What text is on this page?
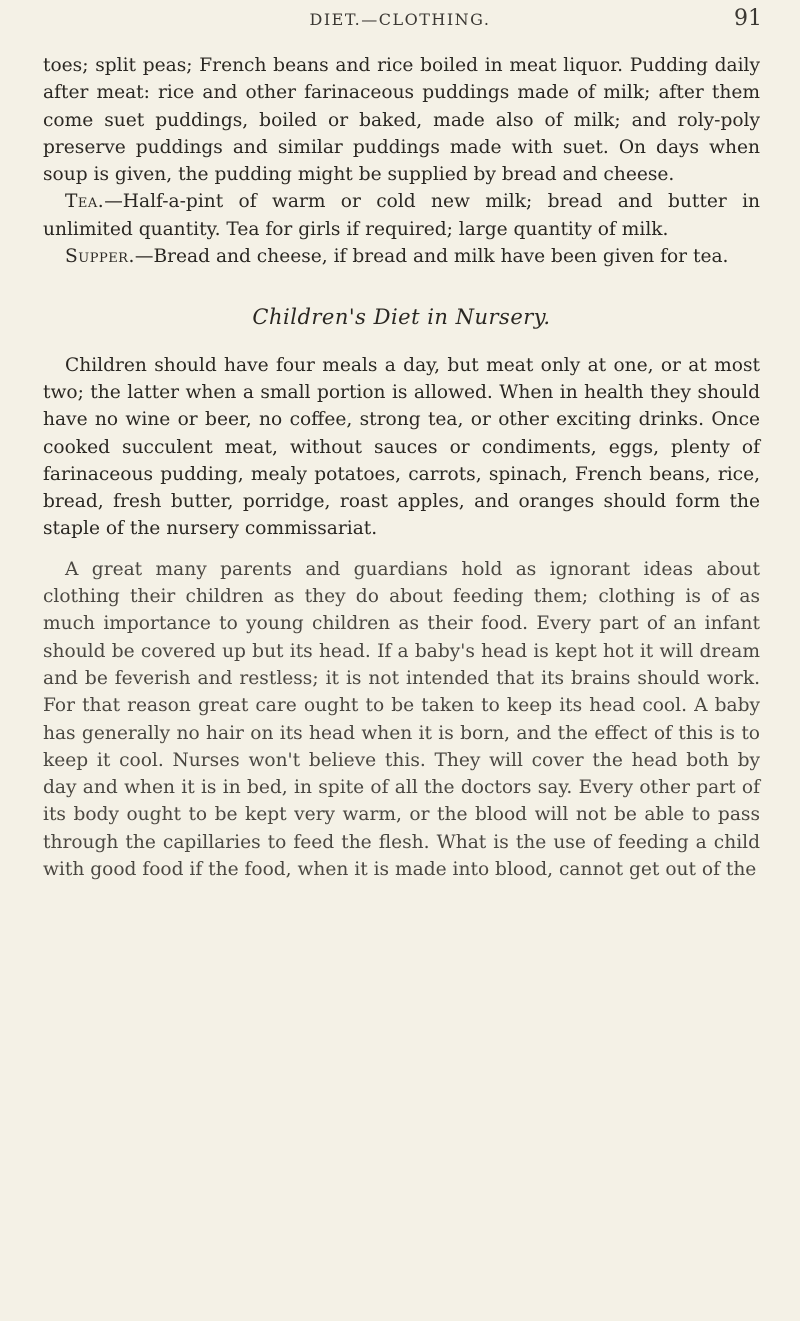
DIET.—CLOTHING.	91

toes; split peas; French beans and rice boiled in meat liquor. Pudding daily after meat: rice and other farinaceous puddings made of milk; after them come suet puddings, boiled or baked, made also of milk; and roly-poly preserve puddings and similar puddings made with suet. On days when soup is given, the pudding might be supplied by bread and cheese.

Tea.—Half-a-pint of warm or cold new milk; bread and butter in unlimited quantity. Tea for girls if required; large quantity of milk.

Supper.—Bread and cheese, if bread and milk have been given for tea.

Children's Diet in Nursery.

Children should have four meals a day, but meat only at one, or at most two; the latter when a small portion is allowed. When in health they should have no wine or beer, no coffee, strong tea, or other exciting drinks. Once cooked succulent meat, without sauces or condiments, eggs, plenty of farinaceous pudding, mealy potatoes, carrots, spinach, French beans, rice, bread, fresh butter, porridge, roast apples, and oranges should form the staple of the nursery commissariat.

A great many parents and guardians hold as ignorant ideas about clothing their children as they do about feeding them; clothing is of as much importance to young children as their food. Every part of an infant should be covered up but its head. If a baby's head is kept hot it will dream and be feverish and restless; it is not intended that its brains should work. For that reason great care ought to be taken to keep its head cool. A baby has generally no hair on its head when it is born, and the effect of this is to keep it cool. Nurses won't believe this. They will cover the head both by day and when it is in bed, in spite of all the doctors say. Every other part of its body ought to be kept very warm, or the blood will not be able to pass through the capillaries to feed the flesh. What is the use of feeding a child with good food if the food, when it is made into blood, cannot get out of the
